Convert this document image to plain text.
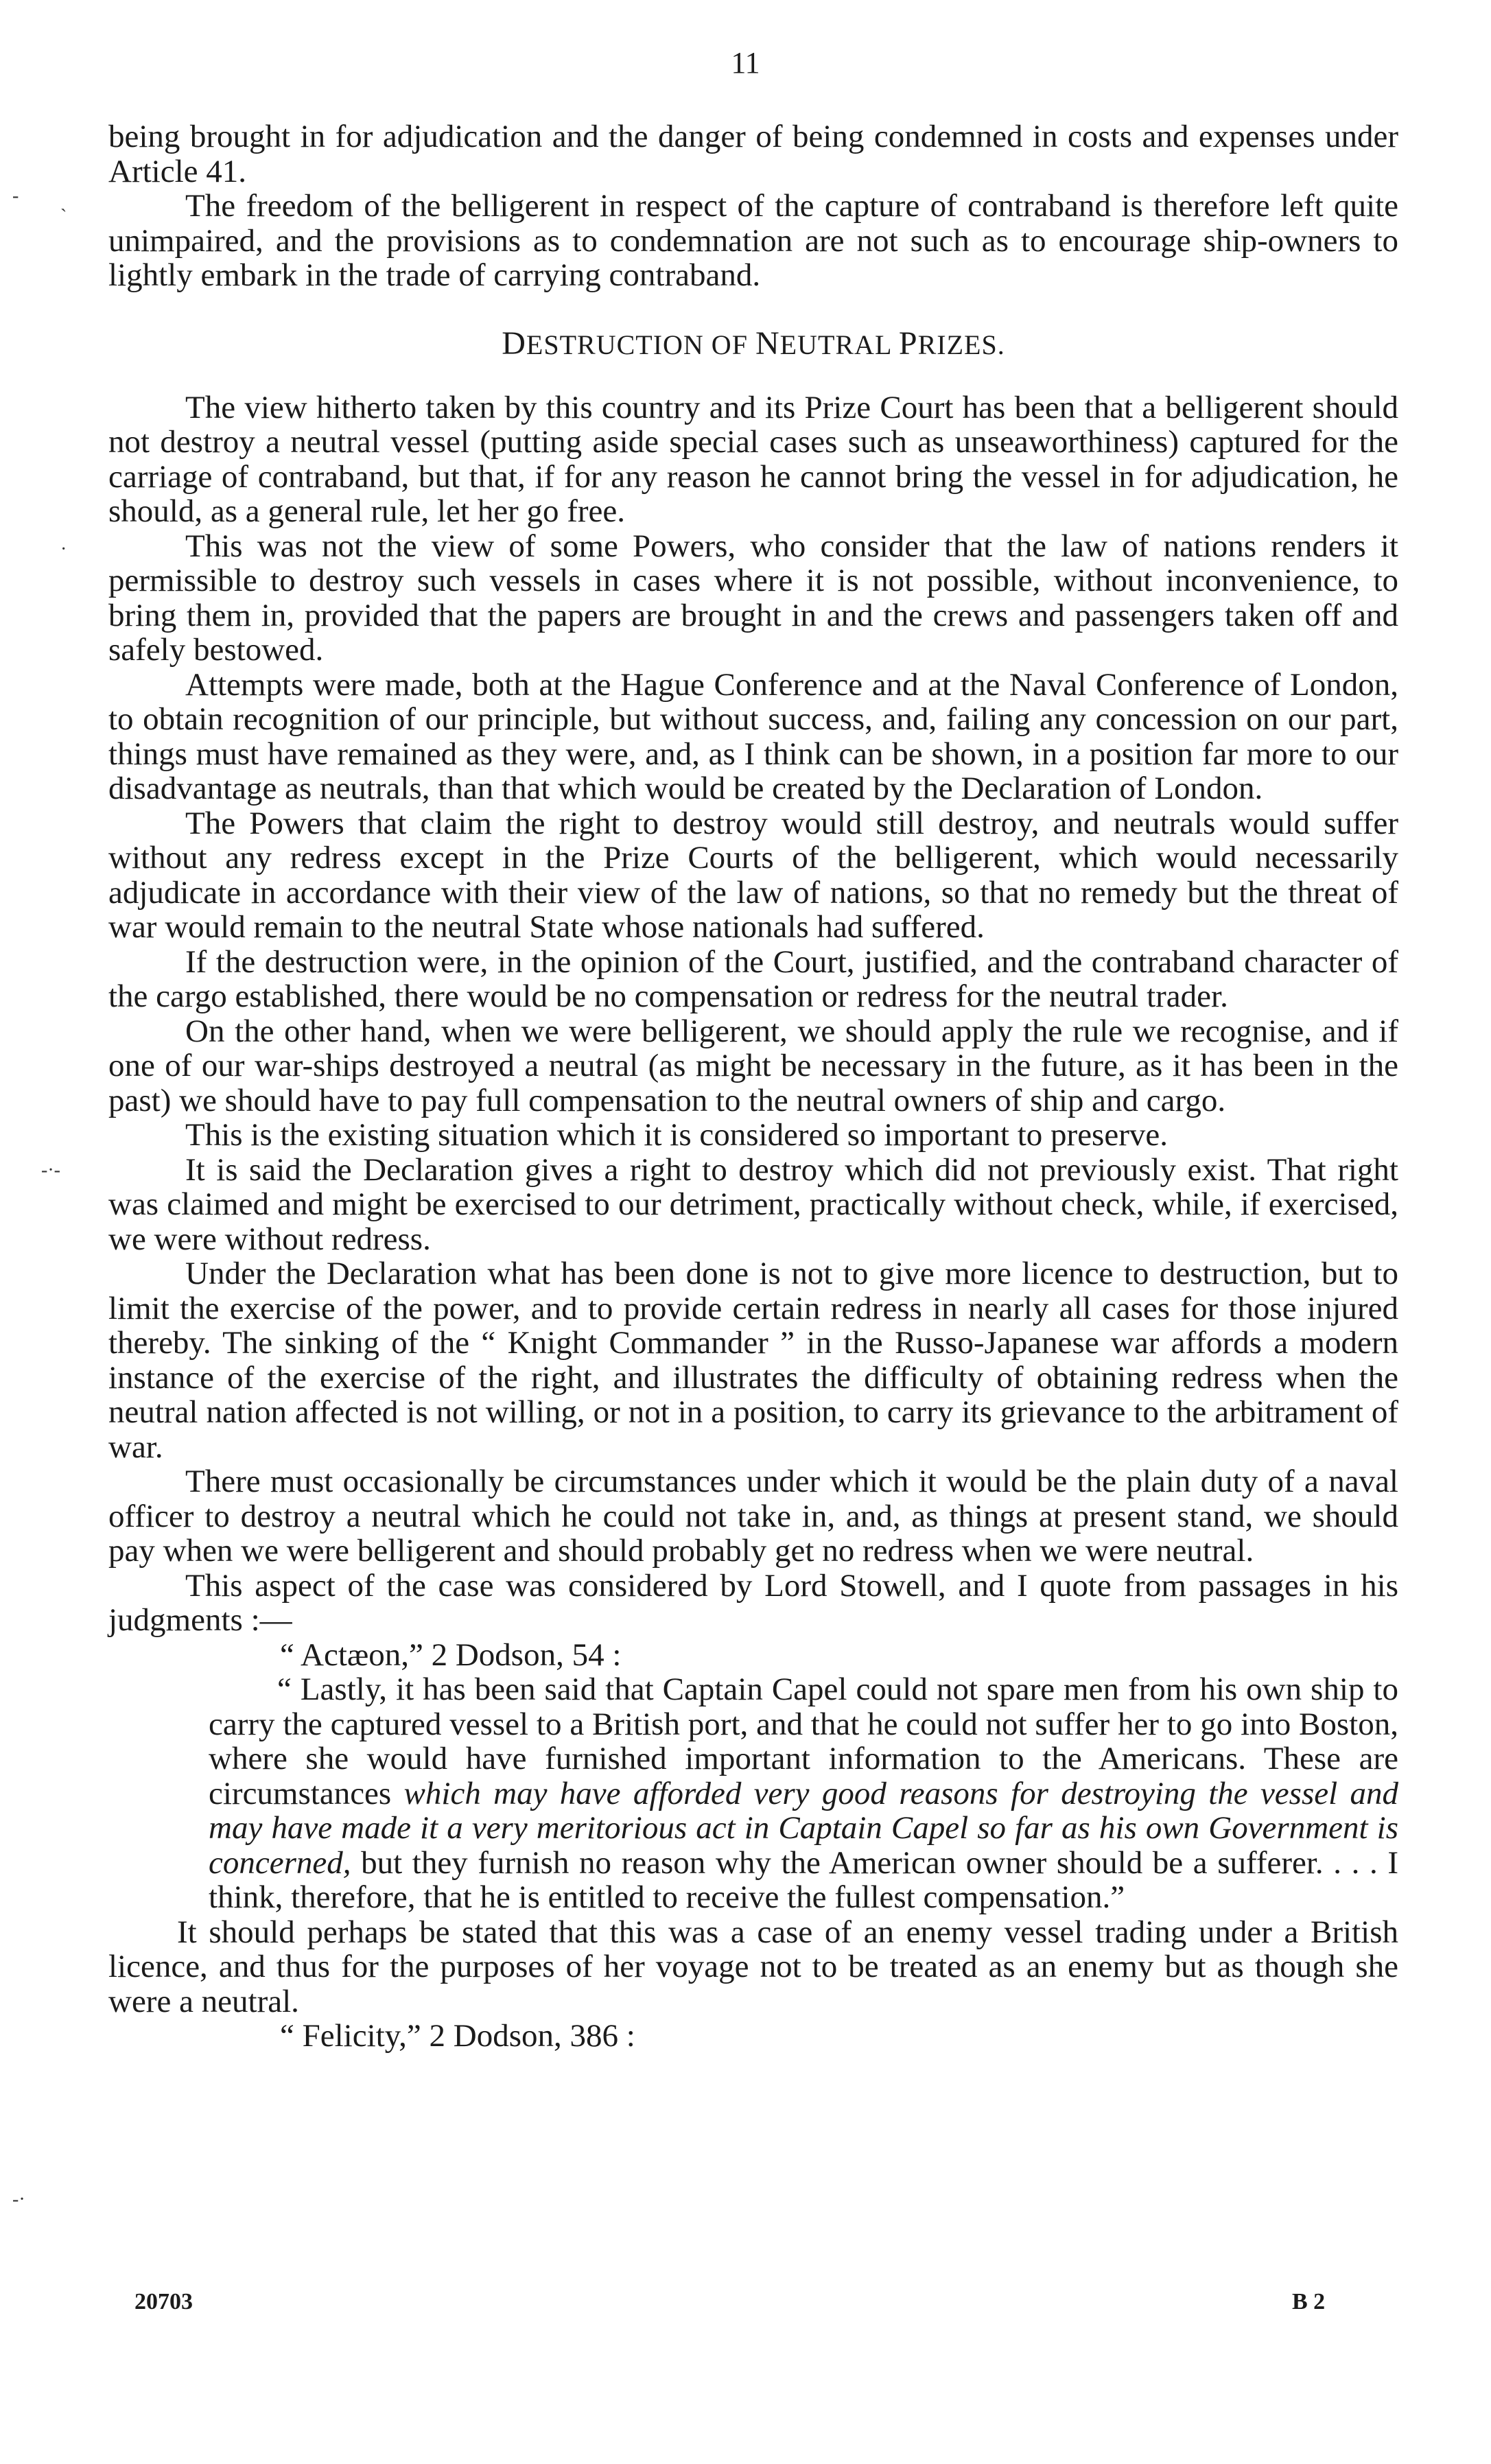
11

being brought in for adjudication and the danger of being condemned in costs and expenses under Article 41.

The freedom of the belligerent in respect of the capture of contraband is therefore left quite unimpaired, and the provisions as to condemnation are not such as to encourage ship-owners to lightly embark in the trade of carrying contraband.

DESTRUCTION OF NEUTRAL PRIZES.

The view hitherto taken by this country and its Prize Court has been that a belligerent should not destroy a neutral vessel (putting aside special cases such as unseaworthiness) captured for the carriage of contraband, but that, if for any reason he cannot bring the vessel in for adjudication, he should, as a general rule, let her go free.

This was not the view of some Powers, who consider that the law of nations renders it permissible to destroy such vessels in cases where it is not possible, without inconvenience, to bring them in, provided that the papers are brought in and the crews and passengers taken off and safely bestowed.

Attempts were made, both at the Hague Conference and at the Naval Conference of London, to obtain recognition of our principle, but without success, and, failing any concession on our part, things must have remained as they were, and, as I think can be shown, in a position far more to our disadvantage as neutrals, than that which would be created by the Declaration of London.

The Powers that claim the right to destroy would still destroy, and neutrals would suffer without any redress except in the Prize Courts of the belligerent, which would necessarily adjudicate in accordance with their view of the law of nations, so that no remedy but the threat of war would remain to the neutral State whose nationals had suffered.

If the destruction were, in the opinion of the Court, justified, and the contraband character of the cargo established, there would be no compensation or redress for the neutral trader.

On the other hand, when we were belligerent, we should apply the rule we recognise, and if one of our war-ships destroyed a neutral (as might be necessary in the future, as it has been in the past) we should have to pay full compensation to the neutral owners of ship and cargo.

This is the existing situation which it is considered so important to preserve.

It is said the Declaration gives a right to destroy which did not previously exist. That right was claimed and might be exercised to our detriment, practically without check, while, if exercised, we were without redress.

Under the Declaration what has been done is not to give more licence to destruction, but to limit the exercise of the power, and to provide certain redress in nearly all cases for those injured thereby. The sinking of the “ Knight Commander ” in the Russo-Japanese war affords a modern instance of the exercise of the right, and illustrates the difficulty of obtaining redress when the neutral nation affected is not willing, or not in a position, to carry its grievance to the arbitrament of war.

There must occasionally be circumstances under which it would be the plain duty of a naval officer to destroy a neutral which he could not take in, and, as things at present stand, we should pay when we were belligerent and should probably get no redress when we were neutral.

This aspect of the case was considered by Lord Stowell, and I quote from passages in his judgments :—

“ Actæon,” 2 Dodson, 54 :

“ Lastly, it has been said that Captain Capel could not spare men from his own ship to carry the captured vessel to a British port, and that he could not suffer her to go into Boston, where she would have furnished important information to the Americans. These are circumstances which may have afforded very good reasons for destroying the vessel and may have made it a very meritorious act in Captain Capel so far as his own Government is concerned, but they furnish no reason why the American owner should be a sufferer. . . . I think, therefore, that he is entitled to receive the fullest compensation.”

It should perhaps be stated that this was a case of an enemy vessel trading under a British licence, and thus for the purposes of her voyage not to be treated as an enemy but as though she were a neutral.

“ Felicity,” 2 Dodson, 386 :
20703	B 2
-
`
·
-·-
-·
